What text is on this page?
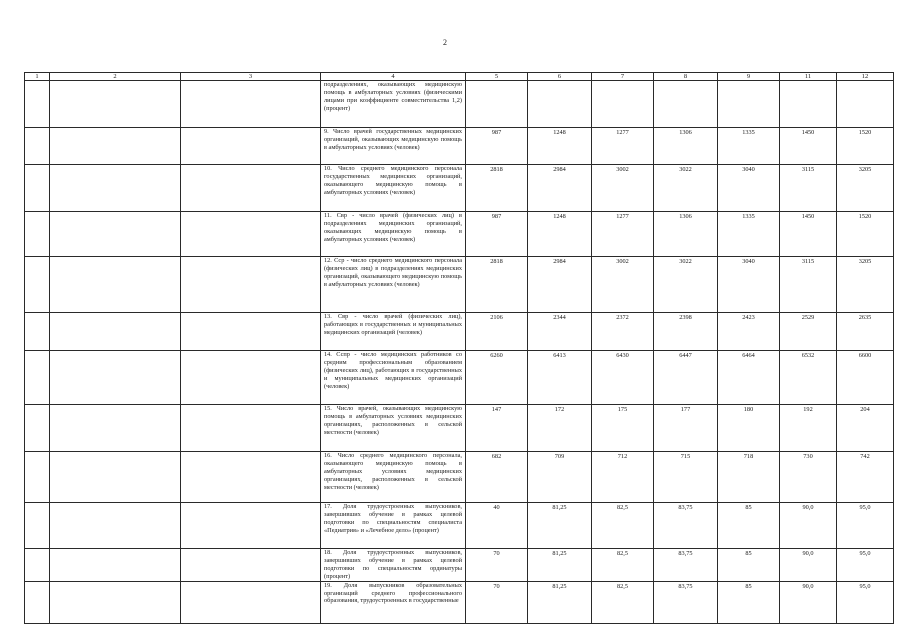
2
1	2	3	4	5	6	7	8	9	11	12
			подразделениях, оказывающих медицинскую помощь в амбулаторных условиях (физическими лицами при коэффициенте совместительства 1,2) (процент)							
			9. Число врачей государственных медицинских организаций, оказывающих медицинскую помощь в амбулаторных условиях (человек)	987	1248	1277	1306	1335	1450	1520
			10. Число среднего медицинского персонала государственных медицинских организаций, оказывающего медицинскую помощь в амбулаторных условиях (человек)	2818	2984	3002	3022	3040	3115	3205
			11. Свр - число врачей (физических лиц) в подразделениях медицинских организаций, оказывающих медицинскую помощь в амбулаторных условиях (человек)	987	1248	1277	1306	1335	1450	1520
			12. Сср - число среднего медицинского персонала (физических лиц) в подразделениях медицинских организаций, оказывающего медицинскую помощь в амбулаторных условиях (человек)	2818	2984	3002	3022	3040	3115	3205
			13. Свр - число врачей (физических лиц), работающих в государственных и муниципальных медицинских организаций (человек)	2106	2344	2372	2398	2423	2529	2635
			14. Сспр - число медицинских работников со средним профессиональным образованием (физических лиц), работающих в государственных и муниципальных медицинских организаций (человек)	6260	6413	6430	6447	6464	6532	6600
			15. Число врачей, оказывающих медицинскую помощь в амбулаторных условиях медицинских организациях, расположенных в сельской местности (человек)	147	172	175	177	180	192	204
			16. Число среднего медицинского персонала, оказывающего медицинскую помощь в амбулаторных условиях медицинских организациях, расположенных в сельской местности (человек)	682	709	712	715	718	730	742
			17. Доля трудоустроенных выпускников, завершивших обучение в рамках целевой подготовки по специальностям специалиста «Педиатрия» и «Лечебное дело» (процент)	40	81,25	82,5	83,75	85	90,0	95,0
			18. Доля трудоустроенных выпускников, завершивших обучение в рамках целевой подготовки по специальностям ординатуры (процент)	70	81,25	82,5	83,75	85	90,0	95,0
			19. Доля выпускников образовательных организаций среднего профессионального образования, трудоустроенных в государственные	70	81,25	82,5	83,75	85	90,0	95,0
